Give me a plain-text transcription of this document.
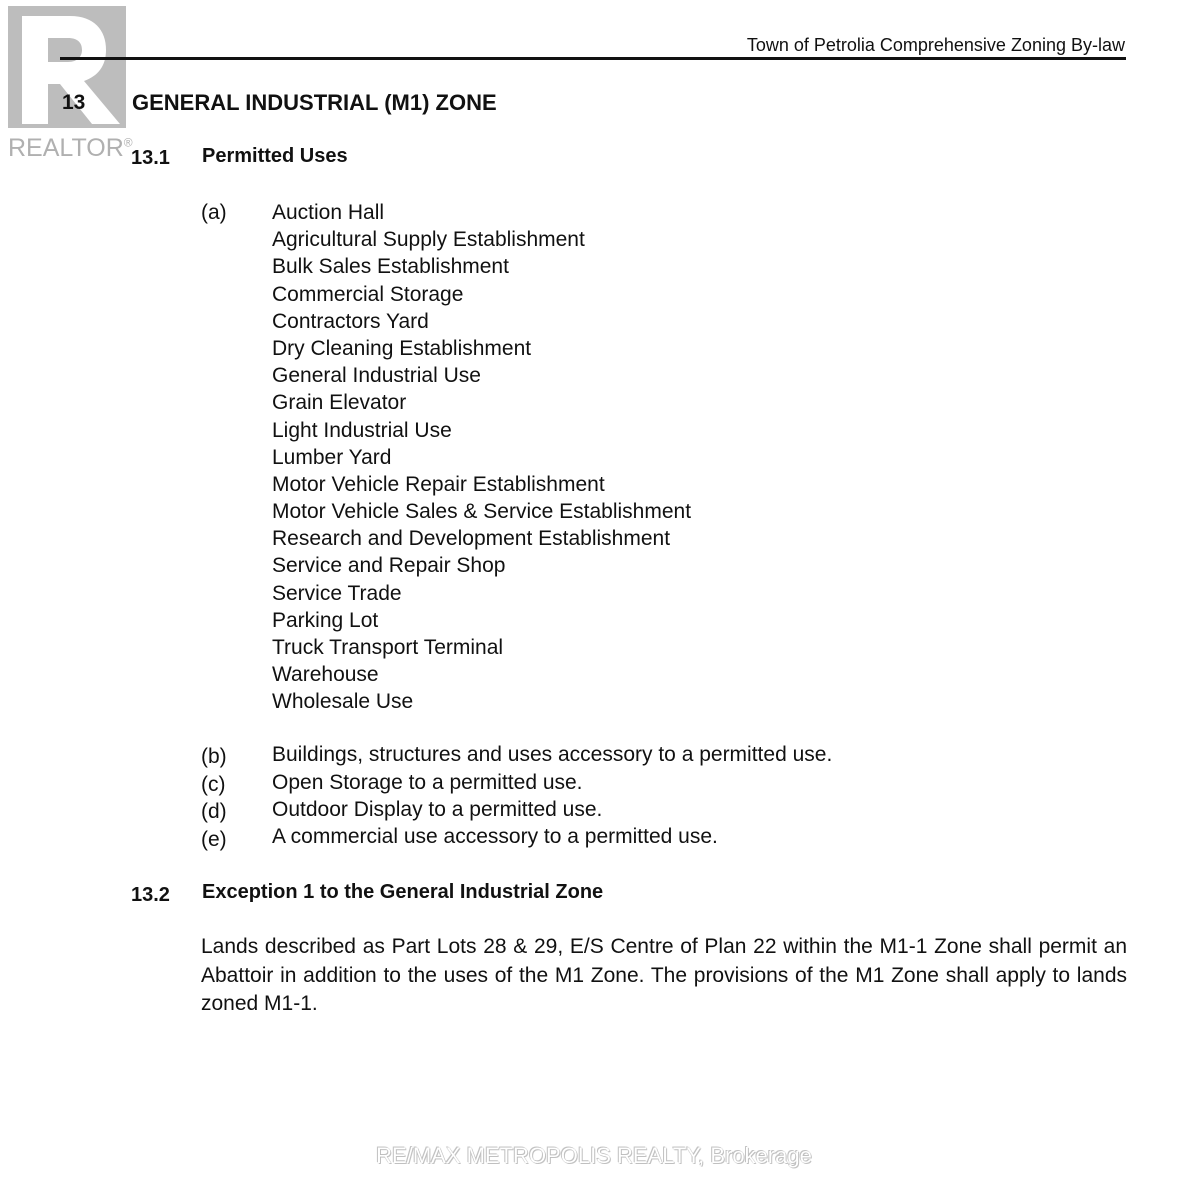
REALTOR®
Town of Petrolia Comprehensive Zoning By-law
13 GENERAL INDUSTRIAL (M1) ZONE
13.1 Permitted Uses
(a) Auction Hall
Agricultural Supply Establishment
Bulk Sales Establishment
Commercial Storage
Contractors Yard
Dry Cleaning Establishment
General Industrial Use
Grain Elevator
Light Industrial Use
Lumber Yard
Motor Vehicle Repair Establishment
Motor Vehicle Sales & Service Establishment
Research and Development Establishment
Service and Repair Shop
Service Trade
Parking Lot
Truck Transport Terminal
Warehouse
Wholesale Use
(b) Buildings, structures and uses accessory to a permitted use.
(c) Open Storage to a permitted use.
(d) Outdoor Display to a permitted use.
(e) A commercial use accessory to a permitted use.
13.2 Exception 1 to the General Industrial Zone
Lands described as Part Lots 28 & 29, E/S Centre of Plan 22 within the M1-1 Zone shall permit an Abattoir in addition to the uses of the M1 Zone. The provisions of the M1 Zone shall apply to lands zoned M1-1.
RE/MAX METROPOLIS REALTY, Brokerage
